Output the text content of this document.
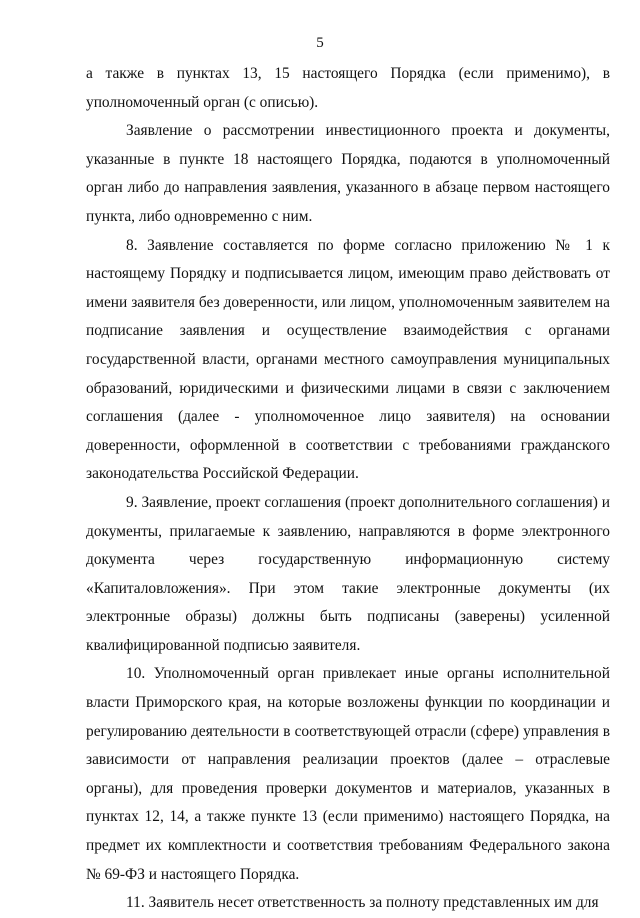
5

а также в пунктах 13, 15 настоящего Порядка (если применимо), в уполномоченный орган (с описью).

Заявление о рассмотрении инвестиционного проекта и документы, указанные в пункте 18 настоящего Порядка, подаются в уполномоченный орган либо до направления заявления, указанного в абзаце первом настоящего пункта, либо одновременно с ним.

8. Заявление составляется по форме согласно приложению № 1 к настоящему Порядку и подписывается лицом, имеющим право действовать от имени заявителя без доверенности, или лицом, уполномоченным заявителем на подписание заявления и осуществление взаимодействия с органами государственной власти, органами местного самоуправления муниципальных образований, юридическими и физическими лицами в связи с заключением соглашения (далее - уполномоченное лицо заявителя) на основании доверенности, оформленной в соответствии с требованиями гражданского законодательства Российской Федерации.

9. Заявление, проект соглашения (проект дополнительного соглашения) и документы, прилагаемые к заявлению, направляются в форме электронного документа через государственную информационную систему «Капиталовложения». При этом такие электронные документы (их электронные образы) должны быть подписаны (заверены) усиленной квалифицированной подписью заявителя.

10. Уполномоченный орган привлекает иные органы исполнительной власти Приморского края, на которые возложены функции по координации и регулированию деятельности в соответствующей отрасли (сфере) управления в зависимости от направления реализации проектов (далее – отраслевые органы), для проведения проверки документов и материалов, указанных в пунктах 12, 14, а также пункте 13 (если применимо) настоящего Порядка, на предмет их комплектности и соответствия требованиям Федерального закона № 69-ФЗ и настоящего Порядка.

11. Заявитель несет ответственность за полноту представленных им для
